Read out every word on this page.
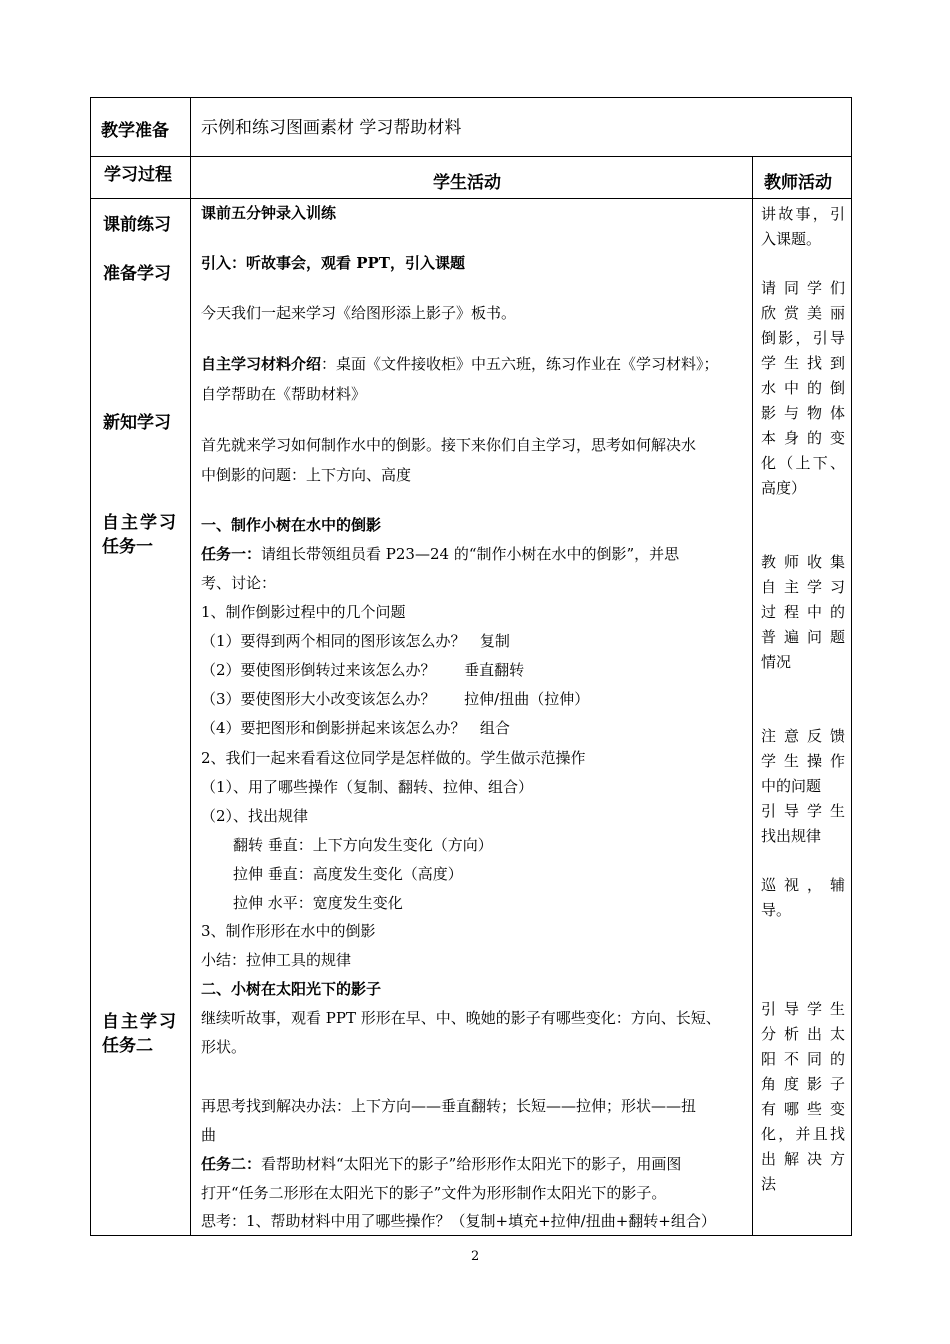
教学准备 示例和练习图画素材 学习帮助材料
学习过程	学生活动	教师活动
课前练习
准备学习
新知学习
自主学习
任务一
自主学习
任务二
课前五分钟录入训练
引入：听故事会，观看 PPT，引入课题
今天我们一起来学习《给图形添上影子》板书。
自主学习材料介绍：桌面《文件接收柜》中五六班，练习作业在《学习材料》；
自学帮助在《帮助材料》
首先就来学习如何制作水中的倒影。接下来你们自主学习，思考如何解决水
中倒影的问题：上下方向、高度
一、制作小树在水中的倒影
任务一：请组长带领组员看 P23—24 的“制作小树在水中的倒影”，并思
考、讨论：
1、制作倒影过程中的几个问题
（1）要得到两个相同的图形该怎么办？   复制
（2）要使图形倒转过来该怎么办？      垂直翻转
（3）要使图形大小改变该怎么办？      拉伸/扭曲（拉伸）
（4）要把图形和倒影拼起来该怎么办？   组合
2、我们一起来看看这位同学是怎样做的。学生做示范操作
（1）、用了哪些操作（复制、翻转、拉伸、组合）
（2）、找出规律
翻转 垂直：上下方向发生变化（方向）
拉伸 垂直：高度发生变化（高度）
拉伸 水平：宽度发生变化
3、制作形形在水中的倒影
小结：拉伸工具的规律
二、小树在太阳光下的影子
继续听故事，观看 PPT 形形在早、中、晚她的影子有哪些变化：方向、长短、
形状。
再思考找到解决办法：上下方向——垂直翻转；长短——拉伸；形状——扭
曲
任务二：看帮助材料“太阳光下的影子”给形形作太阳光下的影子，用画图
打开“任务二形形在太阳光下的影子”文件为形形制作太阳光下的影子。
思考：1、帮助材料中用了哪些操作？（复制+填充+拉伸/扭曲+翻转+组合）
讲故事，引
入课题。
请同学们
欣赏美丽
倒影，引导
学生找到
水中的倒
影与物体
本身的变
化（上下、
高度）
教师收集
自主学习
过程中的
普遍问题
情况
注意反馈
学生操作
中的问题
引导学生
找出规律
巡视，辅
导。
引导学生
分析出太
阳不同的
角度影子
有哪些变
化，并且找
出解决方
法
2
